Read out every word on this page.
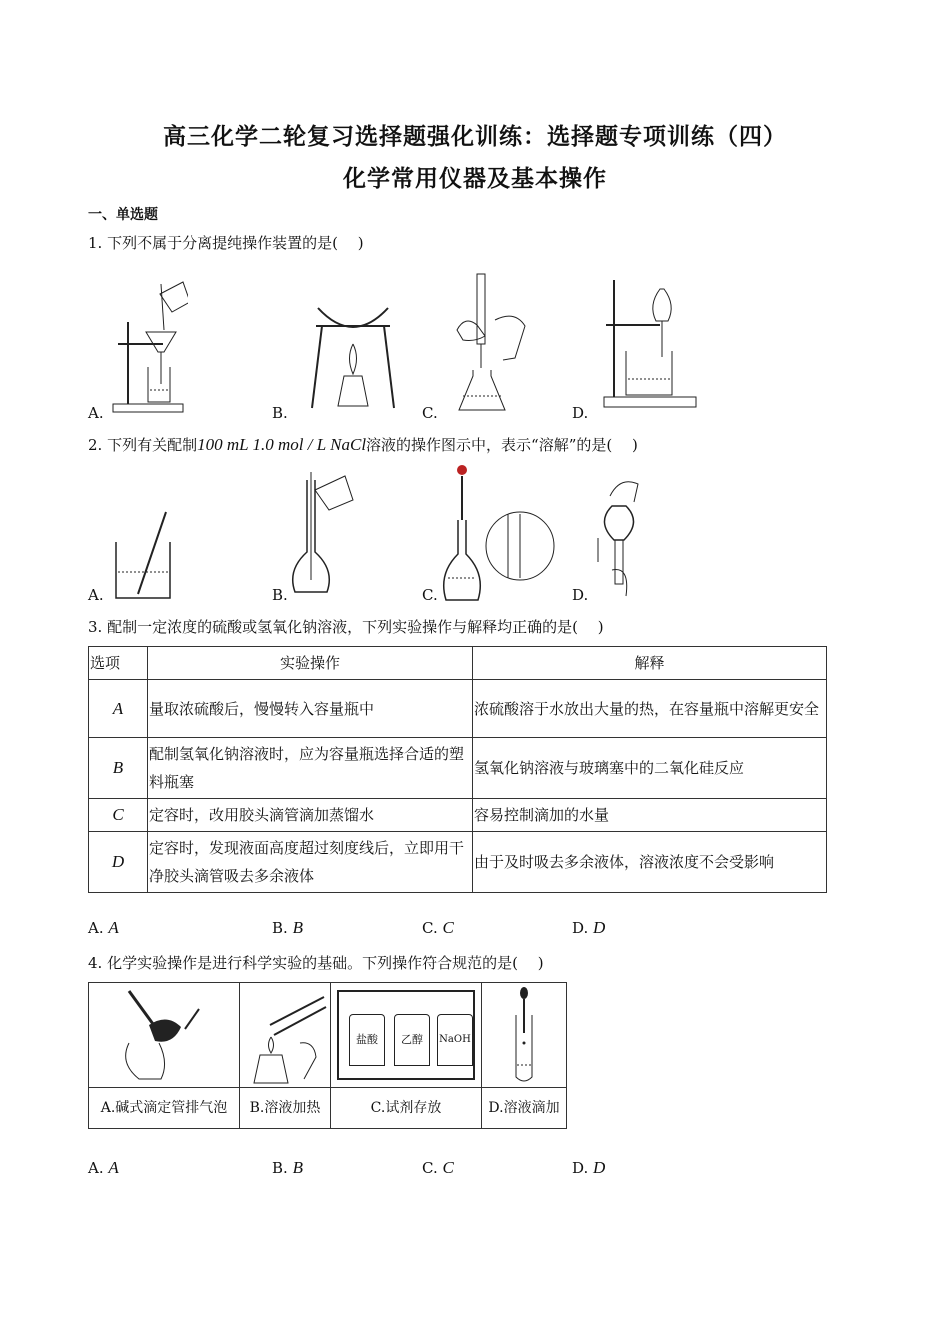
高三化学二轮复习选择题强化训练：选择题专项训练（四）
化学常用仪器及基本操作
一、单选题
1. 下列不属于分离提纯操作装置的是(　 )
A.	B.	C.	D.
2. 下列有关配制100 mL 1.0 mol / L NaCl溶液的操作图示中，表示“溶解”的是(　 )
A.	B.	C.	D.
3. 配制一定浓度的硫酸或氢氧化钠溶液，下列实验操作与解释均正确的是(　 )
选项	实验操作	解释
A	量取浓硫酸后，慢慢转入容量瓶中	浓硫酸溶于水放出大量的热，在容量瓶中溶解更安全
B	配制氢氧化钠溶液时，应为容量瓶选择合适的塑料瓶塞	氢氧化钠溶液与玻璃塞中的二氧化硅反应
C	定容时，改用胶头滴管滴加蒸馏水	容易控制滴加的水量
D	定容时，发现液面高度超过刻度线后，立即用干净胶头滴管吸去多余液体	由于及时吸去多余液体，溶液浓度不会受影响
A. A	B. B	C. C	D. D
4. 化学实验操作是进行科学实验的基础。下列操作符合规范的是(　 )

盐酸 乙醇 NaOH

A.碱式滴定管排气泡	B.溶液加热	C.试剂存放	D.溶液滴加
A. A	B. B	C. C	D. D
